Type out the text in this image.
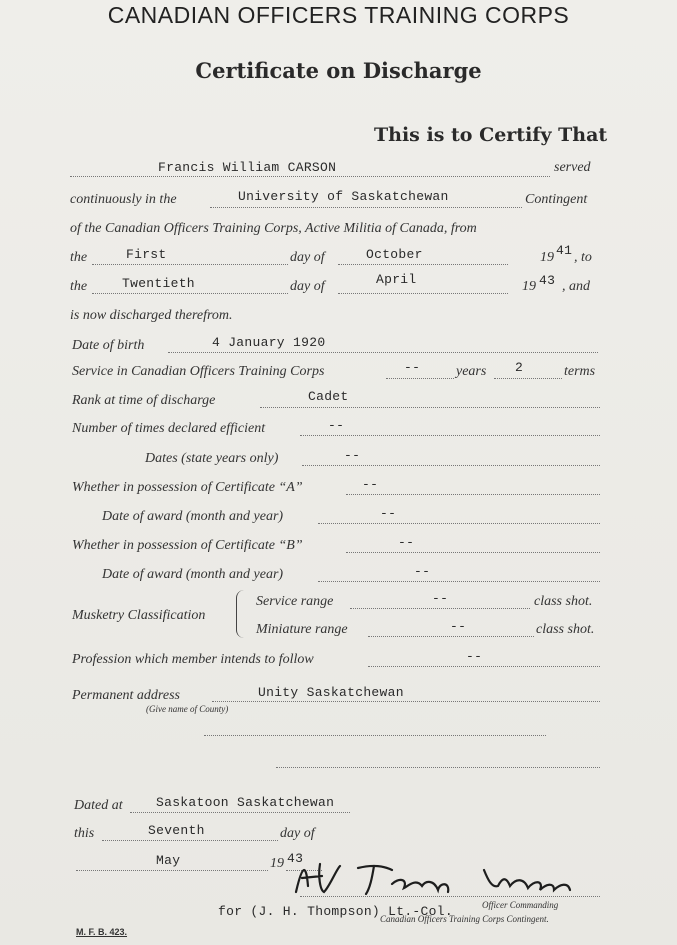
CANADIAN OFFICERS TRAINING CORPS
Certificate on Discharge
This is to Certify That
Francis William CARSON	served
continuously in the	University of Saskatchewan	Contingent
of the Canadian Officers Training Corps, Active Militia of Canada, from
the	First	day of	October	19 41 , to
the	Twentieth	day of	April	19 43 , and
is now discharged therefrom.
Date of birth	4 January 1920
Service in Canadian Officers Training Corps	--	years 2	terms
Rank at time of discharge	Cadet
Number of times declared efficient	--
Dates (state years only)	--
Whether in possession of Certificate “A”	--
Date of award (month and year)	--
Whether in possession of Certificate “B”	--
Date of award (month and year)	--
Musketry Classification
Service range	--	class shot.
Miniature range	--	class shot.
Profession which member intends to follow	--
Permanent address	Unity Saskatchewan
(Give name of County)
Dated at	Saskatoon Saskatchewan
this	Seventh	day of
May	19 43
for (J. H. Thompson) Lt.-Col.	Officer Commanding
Canadian Officers Training Corps Contingent.
M. F. B. 423.
